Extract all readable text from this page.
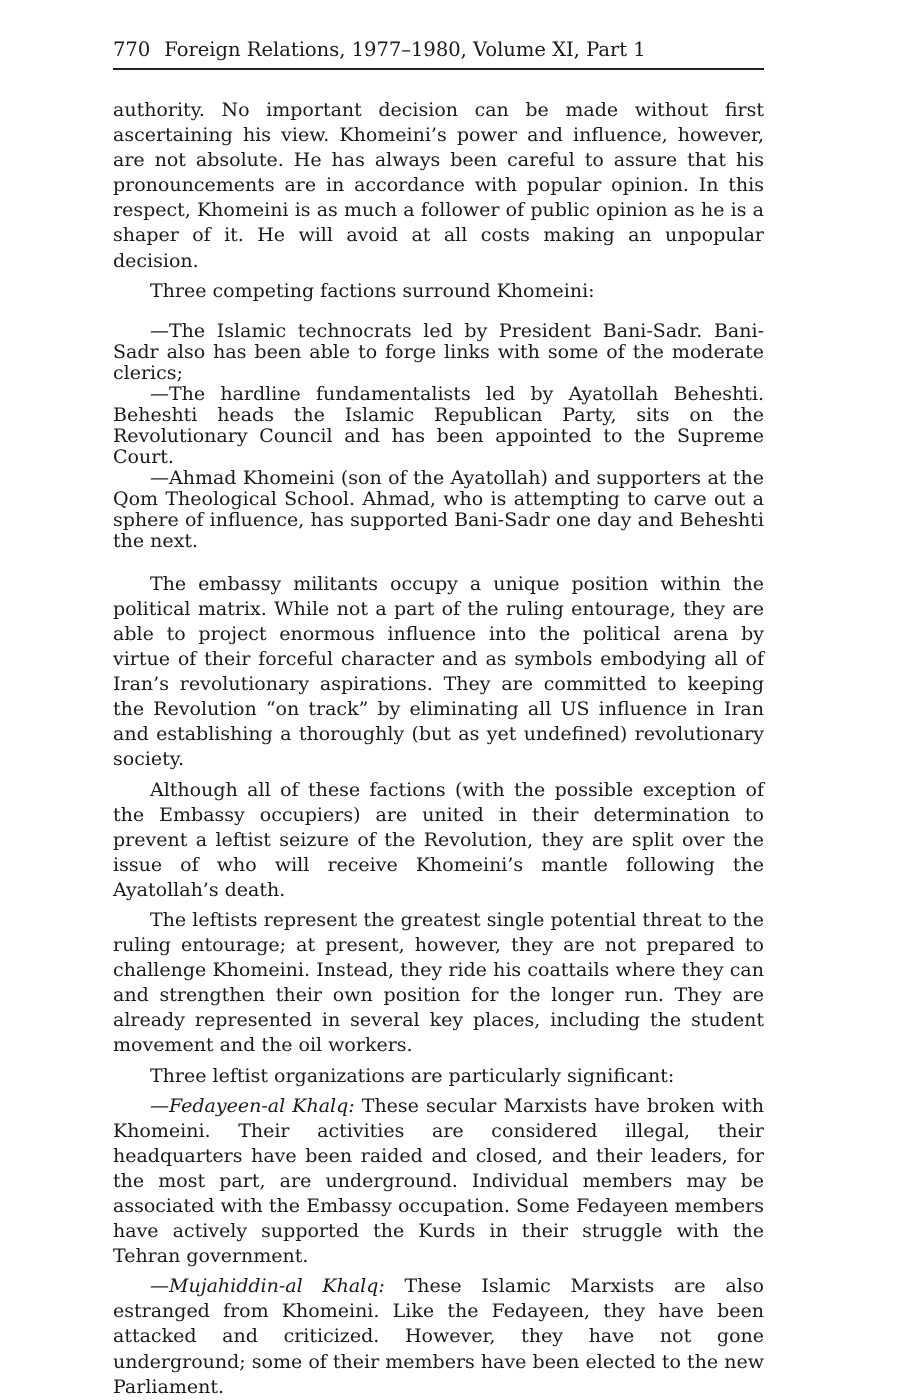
770 Foreign Relations, 1977–1980, Volume XI, Part 1

authority. No important decision can be made without first ascertaining his view. Khomeini’s power and influence, however, are not absolute. He has always been careful to assure that his pronouncements are in accordance with popular opinion. In this respect, Khomeini is as much a follower of public opinion as he is a shaper of it. He will avoid at all costs making an unpopular decision.

Three competing factions surround Khomeini:

—The Islamic technocrats led by President Bani-Sadr. Bani-Sadr also has been able to forge links with some of the moderate clerics;

—The hardline fundamentalists led by Ayatollah Beheshti. Beheshti heads the Islamic Republican Party, sits on the Revolutionary Council and has been appointed to the Supreme Court.

—Ahmad Khomeini (son of the Ayatollah) and supporters at the Qom Theological School. Ahmad, who is attempting to carve out a sphere of influence, has supported Bani-Sadr one day and Beheshti the next.

The embassy militants occupy a unique position within the political matrix. While not a part of the ruling entourage, they are able to project enormous influence into the political arena by virtue of their forceful character and as symbols embodying all of Iran’s revolutionary aspirations. They are committed to keeping the Revolution “on track” by eliminating all US influence in Iran and establishing a thoroughly (but as yet undefined) revolutionary society.

Although all of these factions (with the possible exception of the Embassy occupiers) are united in their determination to prevent a leftist seizure of the Revolution, they are split over the issue of who will receive Khomeini’s mantle following the Ayatollah’s death.

The leftists represent the greatest single potential threat to the ruling entourage; at present, however, they are not prepared to challenge Khomeini. Instead, they ride his coattails where they can and strengthen their own position for the longer run. They are already represented in several key places, including the student movement and the oil workers.

Three leftist organizations are particularly significant:

—Fedayeen-al Khalq: These secular Marxists have broken with Khomeini. Their activities are considered illegal, their headquarters have been raided and closed, and their leaders, for the most part, are underground. Individual members may be associated with the Embassy occupation. Some Fedayeen members have actively supported the Kurds in their struggle with the Tehran government.

—Mujahiddin-al Khalq: These Islamic Marxists are also estranged from Khomeini. Like the Fedayeen, they have been attacked and criticized. However, they have not gone underground; some of their members have been elected to the new Parliament.
